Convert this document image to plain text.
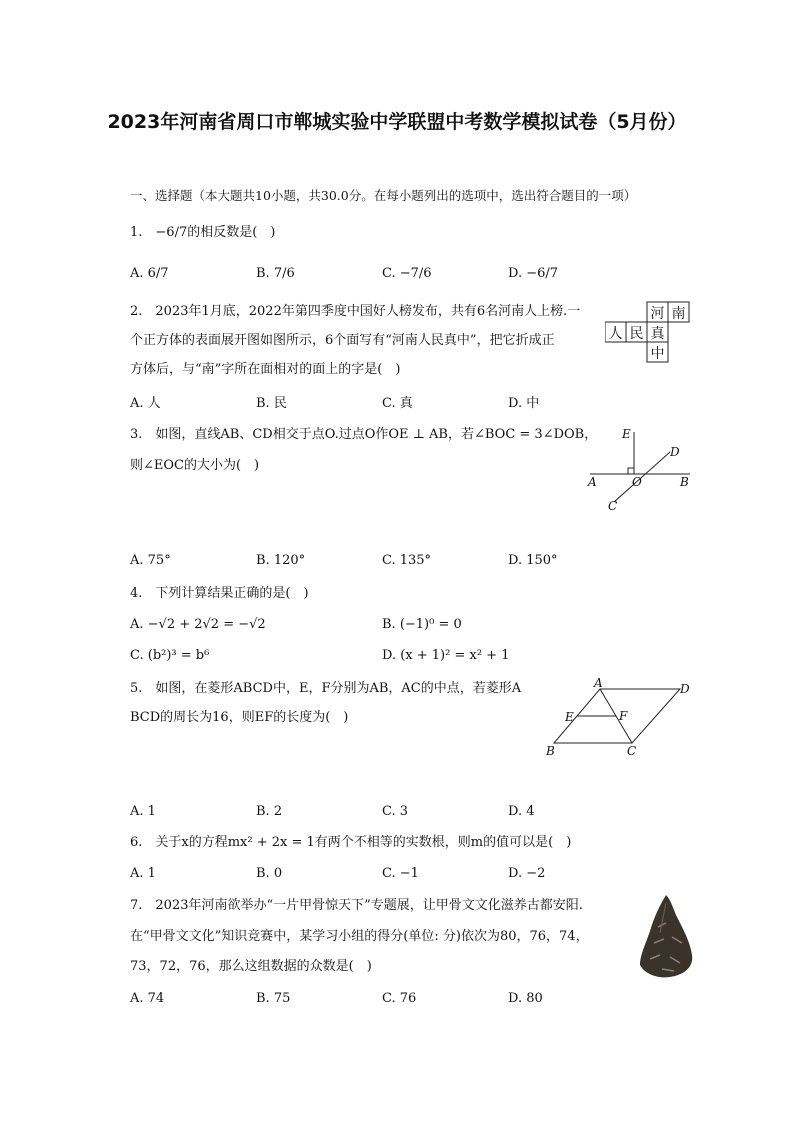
2023年河南省周口市郸城实验中学联盟中考数学模拟试卷（5月份）
一、选择题（本大题共10小题，共30.0分。在每小题列出的选项中，选出符合题目的一项）
1.　−6/7的相反数是(　)
A. 6/7	B. 7/6	C. −7/6	D. −6/7
2.　2023年1月底，2022年第四季度中国好人榜发布，共有6名河南人上榜.一
个正方体的表面展开图如图所示，6个面写有“河南人民真中”，把它折成正
方体后，与“南”字所在面相对的面上的字是(　)
A. 人	B. 民	C. 真	D. 中
河 南
人 民 真
中
3.　如图，直线AB、CD相交于点O.过点O作OE ⊥ AB，若∠BOC = 3∠DOB，
则∠EOC的大小为(　)
E
D
A	O	B
C
A. 75°	B. 120°	C. 135°	D. 150°
4.　下列计算结果正确的是(　)
A. −√2 + 2√2 = −√2	B. (−1)⁰ = 0
C. (b²)³ = b⁶	D. (x + 1)² = x² + 1
5.　如图，在菱形ABCD中，E，F分别为AB，AC的中点，若菱形A
BCD的周长为16，则EF的长度为(　)
A	D
E	F
B	C
A. 1	B. 2	C. 3	D. 4
6.　关于x的方程mx² + 2x = 1有两个不相等的实数根，则m的值可以是(　)
A. 1	B. 0	C. −1	D. −2
7.　2023年河南欲举办“一片甲骨惊天下”专题展，让甲骨文文化滋养古都安阳.
在“甲骨文文化”知识竞赛中，某学习小组的得分(单位: 分)依次为80，76，74，
73，72，76，那么这组数据的众数是(　)
A. 74	B. 75	C. 76	D. 80
